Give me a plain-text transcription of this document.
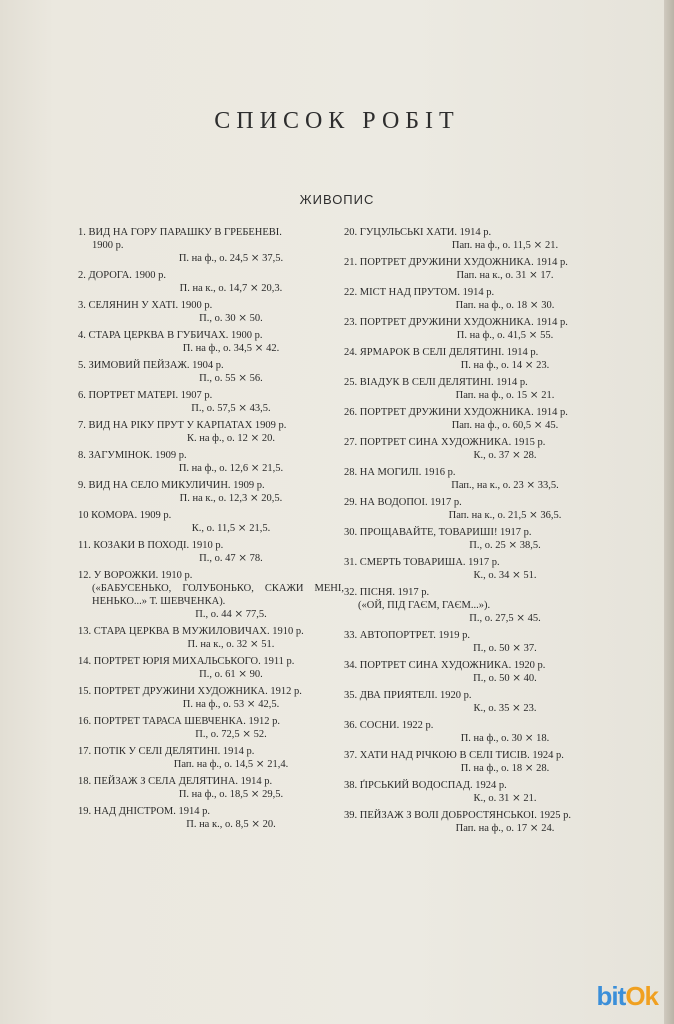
СПИСОК РОБІТ
ЖИВОПИС
1. ВИД НА ГОРУ ПАРАШКУ В ГРЕБЕНЕВІ.
1900 р.
П. на ф., о. 24,5 ⨯ 37,5.
2. ДОРОГА. 1900 р.
П. на к., о. 14,7 ⨯ 20,3.
3. СЕЛЯНИН У ХАТІ. 1900 р.
П., о. 30 ⨯ 50.
4. СТАРА ЦЕРКВА В ГУБИЧАХ. 1900 р.
П. на ф., о. 34,5 ⨯ 42.
5. ЗИМОВИЙ ПЕЙЗАЖ. 1904 р.
П., о. 55 ⨯ 56.
6. ПОРТРЕТ МАТЕРІ. 1907 р.
П., о. 57,5 ⨯ 43,5.
7. ВИД НА РІКУ ПРУТ У КАРПАТАХ 1909 р.
К. на ф., о. 12 ⨯ 20.
8. ЗАГУМІНОК. 1909 р.
П. на ф., о. 12,6 ⨯ 21,5.
9. ВИД НА СЕЛО МИКУЛИЧИН. 1909 р.
П. на к., о. 12,3 ⨯ 20,5.
10 КОМОРА. 1909 р.
К., о. 11,5 ⨯ 21,5.
11. КОЗАКИ В ПОХОДІ. 1910 р.
П., о. 47 ⨯ 78.
12. У ВОРОЖКИ. 1910 р.
(«БАБУСЕНЬКО, ГОЛУБОНЬКО, СКАЖИ МЕНІ, НЕНЬКО...» Т. ШЕВЧЕНКА).
П., о. 44 ⨯ 77,5.
13. СТАРА ЦЕРКВА В МУЖИЛОВИЧАХ. 1910 р.
П. на к., о. 32 ⨯ 51.
14. ПОРТРЕТ ЮРІЯ МИХАЛЬСЬКОГО. 1911 р.
П., о. 61 ⨯ 90.
15. ПОРТРЕТ ДРУЖИНИ ХУДОЖНИКА. 1912 р.
П. на ф., о. 53 ⨯ 42,5.
16. ПОРТРЕТ ТАРАСА ШЕВЧЕНКА. 1912 р.
П., о. 72,5 ⨯ 52.
17. ПОТІК У СЕЛІ ДЕЛЯТИНІ. 1914 р.
Пап. на ф., о. 14,5 ⨯ 21,4.
18. ПЕЙЗАЖ З СЕЛА ДЕЛЯТИНА. 1914 р.
П. на ф., о. 18,5 ⨯ 29,5.
19. НАД ДНІСТРОМ. 1914 р.
П. на к., о. 8,5 ⨯ 20.
20. ГУЦУЛЬСЬКІ ХАТИ. 1914 р.
Пап. на ф., о. 11,5 ⨯ 21.
21. ПОРТРЕТ ДРУЖИНИ ХУДОЖНИКА. 1914 р.
Пап. на к., о. 31 ⨯ 17.
22. МІСТ НАД ПРУТОМ. 1914 р.
Пап. на ф., о. 18 ⨯ 30.
23. ПОРТРЕТ ДРУЖИНИ ХУДОЖНИКА. 1914 р.
П. на ф., о. 41,5 ⨯ 55.
24. ЯРМАРОК В СЕЛІ ДЕЛЯТИНІ. 1914 р.
П. на ф., о. 14 ⨯ 23.
25. ВІАДУК В СЕЛІ ДЕЛЯТИНІ. 1914 р.
Пап. на ф., о. 15 ⨯ 21.
26. ПОРТРЕТ ДРУЖИНИ ХУДОЖНИКА. 1914 р.
Пап. на ф., о. 60,5 ⨯ 45.
27. ПОРТРЕТ СИНА ХУДОЖНИКА. 1915 р.
К., о. 37 ⨯ 28.
28. НА МОГИЛІ. 1916 р.
Пап., на к., о. 23 ⨯ 33,5.
29. НА ВОДОПОІ. 1917 р.
Пап. на к., о. 21,5 ⨯ 36,5.
30. ПРОЩАВАЙТЕ, ТОВАРИШІ! 1917 р.
П., о. 25 ⨯ 38,5.
31. СМЕРТЬ ТОВАРИША. 1917 р.
К., о. 34 ⨯ 51.
32. ПІСНЯ. 1917 р.
(«ОЙ, ПІД ГАЄМ, ГАЄМ...»).
П., о. 27,5 ⨯ 45.
33. АВТОПОРТРЕТ. 1919 р.
П., о. 50 ⨯ 37.
34. ПОРТРЕТ СИНА ХУДОЖНИКА. 1920 р.
П., о. 50 ⨯ 40.
35. ДВА ПРИЯТЕЛІ. 1920 р.
К., о. 35 ⨯ 23.
36. СОСНИ. 1922 р.
П. на ф., о. 30 ⨯ 18.
37. ХАТИ НАД РІЧКОЮ В СЕЛІ ТИСІВ. 1924 р.
П. на ф., о. 18 ⨯ 28.
38. ҐІРСЬКИЙ ВОДОСПАД. 1924 р.
К., о. 31 ⨯ 21.
39. ПЕЙЗАЖ З ВОЛІ ДОБРОСТЯНСЬКОІ. 1925 р.
Пап. на ф., о. 17 ⨯ 24.
bitOk
